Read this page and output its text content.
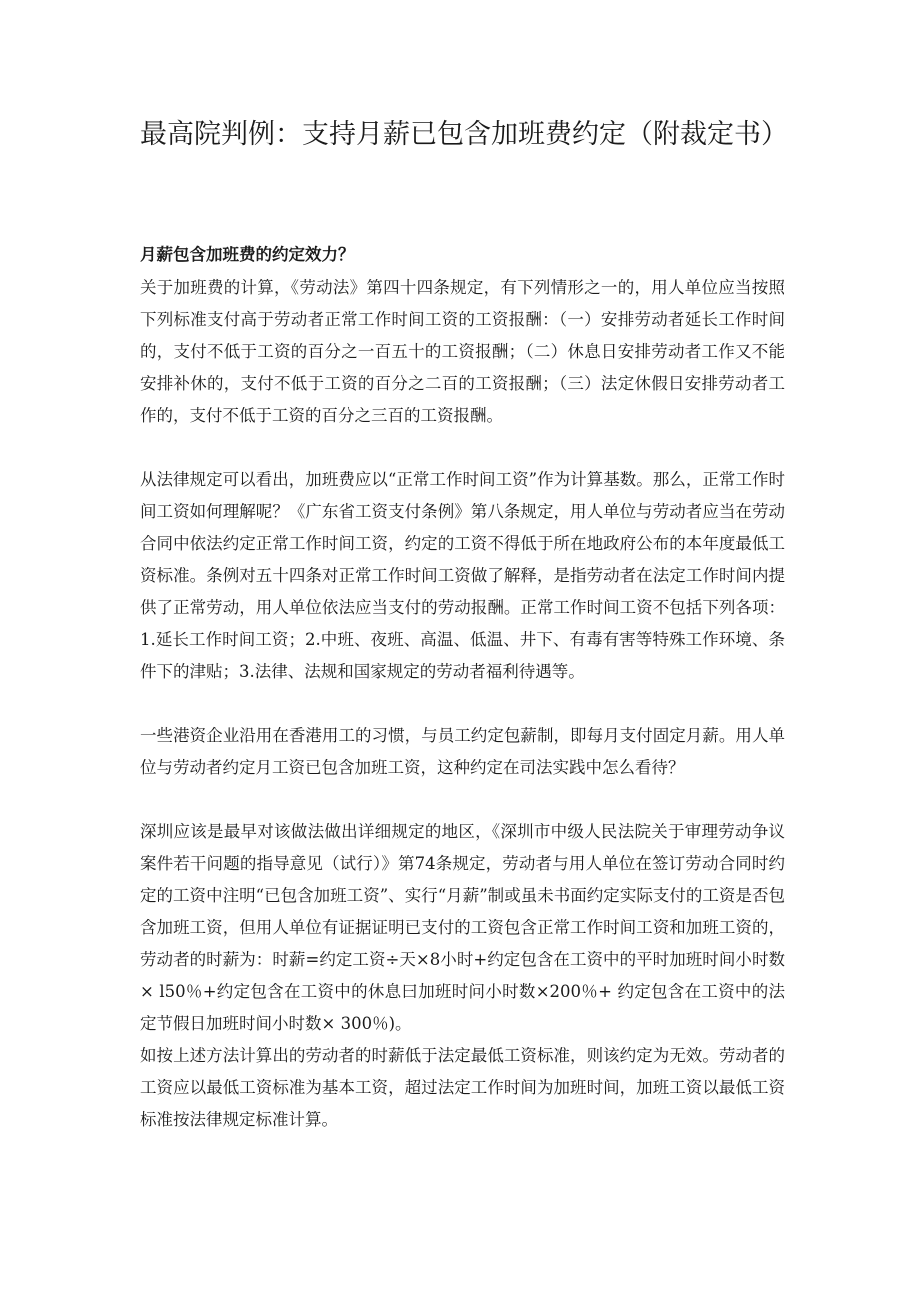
最高院判例：支持月薪已包含加班费约定（附裁定书）

月薪包含加班费的约定效力？

关于加班费的计算，《劳动法》第四十四条规定，有下列情形之一的，用人单位应当按照下列标准支付高于劳动者正常工作时间工资的工资报酬：（一）安排劳动者延长工作时间的，支付不低于工资的百分之一百五十的工资报酬；（二）休息日安排劳动者工作又不能安排补休的，支付不低于工资的百分之二百的工资报酬；（三）法定休假日安排劳动者工作的，支付不低于工资的百分之三百的工资报酬。

从法律规定可以看出，加班费应以“正常工作时间工资”作为计算基数。那么，正常工作时间工资如何理解呢？《广东省工资支付条例》第八条规定，用人单位与劳动者应当在劳动合同中依法约定正常工作时间工资，约定的工资不得低于所在地政府公布的本年度最低工资标准。条例对五十四条对正常工作时间工资做了解释，是指劳动者在法定工作时间内提供了正常劳动，用人单位依法应当支付的劳动报酬。正常工作时间工资不包括下列各项：1.延长工作时间工资；2.中班、夜班、高温、低温、井下、有毒有害等特殊工作环境、条件下的津贴；3.法律、法规和国家规定的劳动者福利待遇等。

一些港资企业沿用在香港用工的习惯，与员工约定包薪制，即每月支付固定月薪。用人单位与劳动者约定月工资已包含加班工资，这种约定在司法实践中怎么看待？

深圳应该是最早对该做法做出详细规定的地区，《深圳市中级人民法院关于审理劳动争议案件若干问题的指导意见（试行）》第74条规定，劳动者与用人单位在签订劳动合同时约定的工资中注明“已包含加班工资”、实行“月薪”制或虽未书面约定实际支付的工资是否包含加班工资，但用人单位有证据证明已支付的工资包含正常工作时间工资和加班工资的，劳动者的时薪为：时薪=约定工资÷天×8小时+约定包含在工资中的平时加班时间小时数× l50％+约定包含在工资中的休息曰加班时问小时数×200％+ 约定包含在工资中的法定节假日加班时间小时数× 300％)。

如按上述方法计算出的劳动者的时薪低于法定最低工资标准，则该约定为无效。劳动者的工资应以最低工资标准为基本工资，超过法定工作时间为加班时间，加班工资以最低工资标准按法律规定标准计算。
